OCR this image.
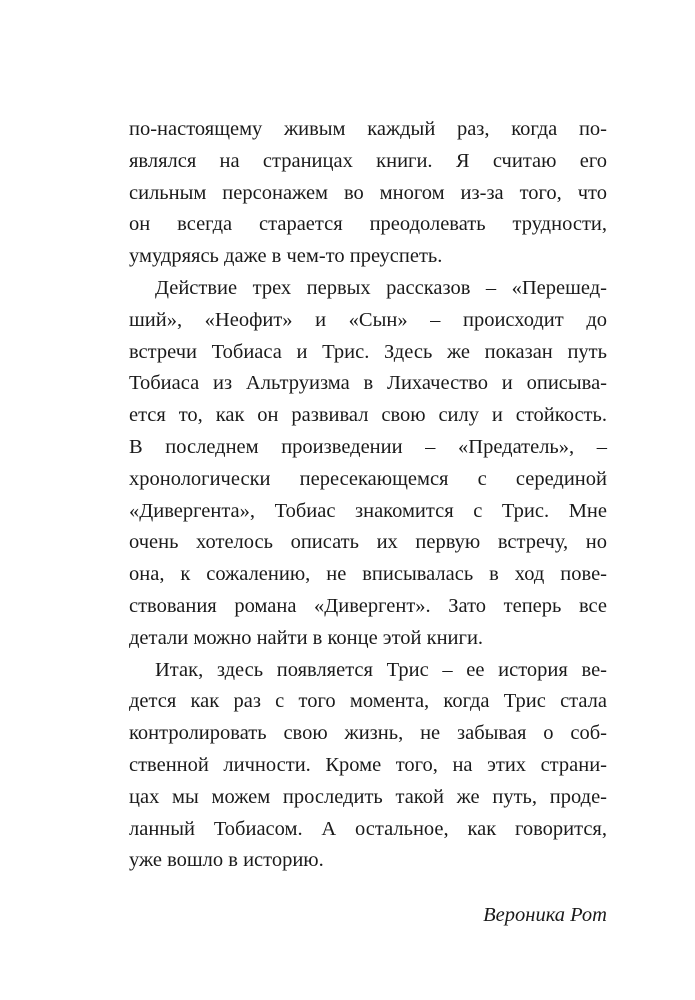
по-настоящему живым каждый раз, когда по-
являлся на страницах книги. Я считаю его
сильным персонажем во многом из-за того, что
он всегда старается преодолевать трудности,
умудряясь даже в чем-то преуспеть.
Действие трех первых рассказов – «Перешед-
ший», «Неофит» и «Сын» – происходит до
встречи Тобиаса и Трис. Здесь же показан путь
Тобиаса из Альтруизма в Лихачество и описыва-
ется то, как он развивал свою силу и стойкость.
В последнем произведении – «Предатель», –
хронологически пересекающемся с серединой
«Дивергента», Тобиас знакомится с Трис. Мне
очень хотелось описать их первую встречу, но
она, к сожалению, не вписывалась в ход пове-
ствования романа «Дивергент». Зато теперь все
детали можно найти в конце этой книги.
Итак, здесь появляется Трис – ее история ве-
дется как раз с того момента, когда Трис стала
контролировать свою жизнь, не забывая о соб-
ственной личности. Кроме того, на этих страни-
цах мы можем проследить такой же путь, проде-
ланный Тобиасом. А остальное, как говорится,
уже вошло в историю.
Вероника Рот
